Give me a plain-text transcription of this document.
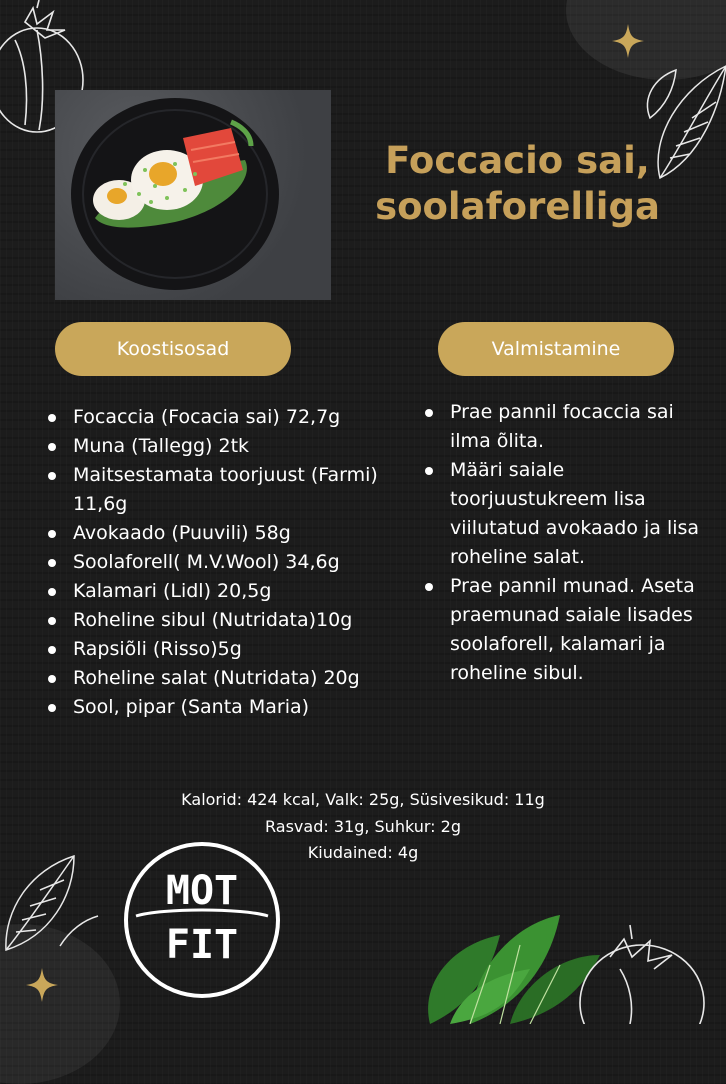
Foccacio sai,
soolaforelliga
Koostisosad	Valmistamine
Focaccia (Focacia sai) 72,7g
Muna (Tallegg) 2tk
Maitsestamata toorjuust (Farmi) 11,6g
Avokaado (Puuvili) 58g
Soolaforell( M.V.Wool) 34,6g
Kalamari (Lidl) 20,5g
Roheline sibul (Nutridata)10g
Rapsiõli (Risso)5g
Roheline salat (Nutridata) 20g
Sool, pipar (Santa Maria)
Prae pannil focaccia sai ilma õlita.
Määri saiale toorjuustukreem lisa viilutatud avokaado ja lisa roheline salat.
Prae pannil munad. Aseta praemunad saiale lisades soolaforell, kalamari ja roheline sibul.
Kalorid: 424 kcal, Valk: 25g, Süsivesikud: 11g
Rasvad: 31g, Suhkur: 2g
Kiudained: 4g
MOT
FIT
